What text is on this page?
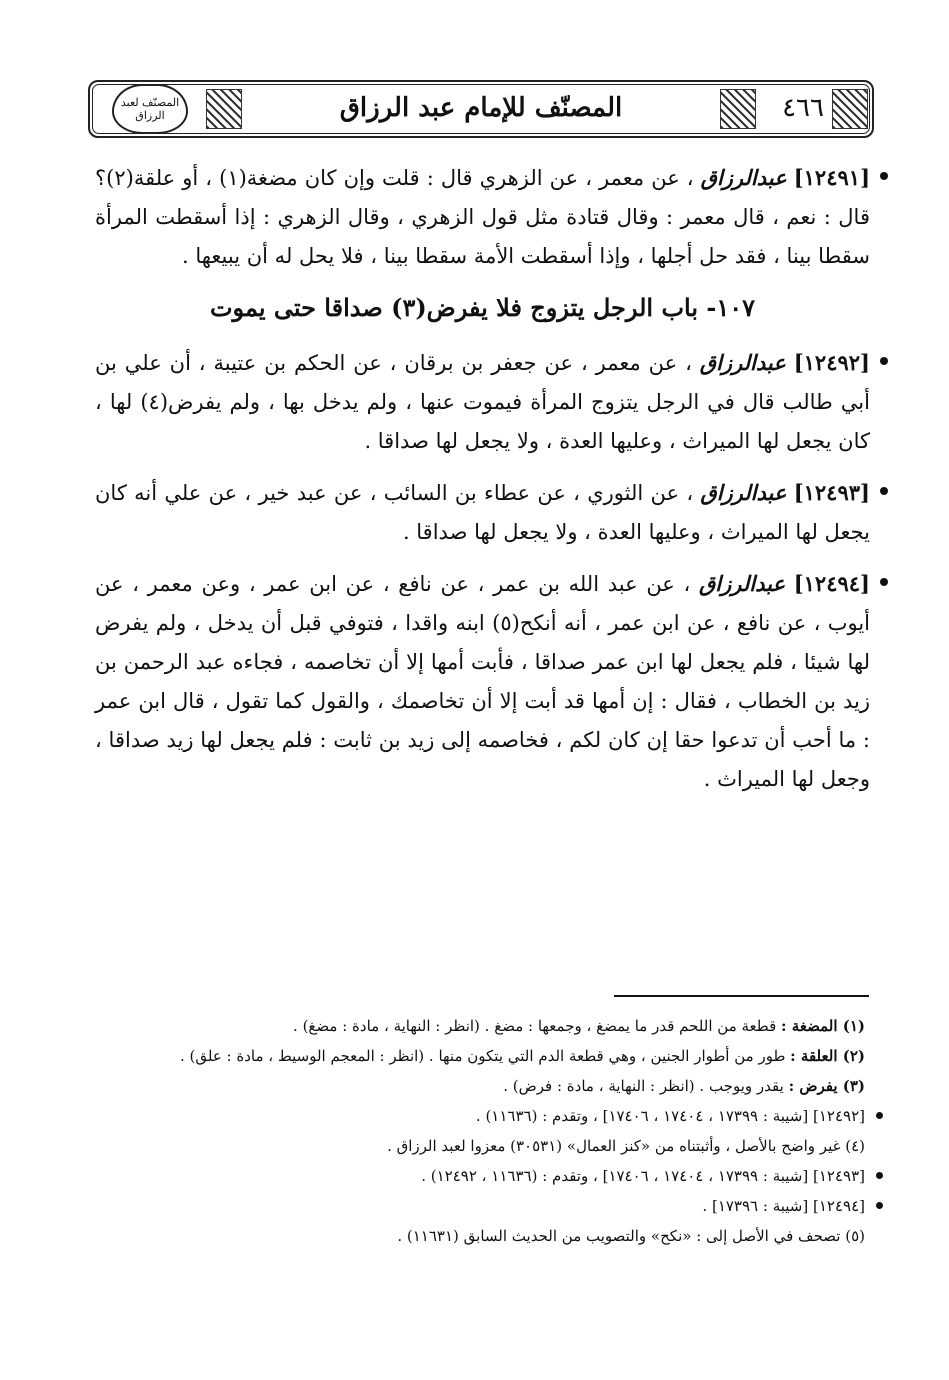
٤٦٦
المصنّف للإمام عبد الرزاق
المصنّف لعبد الرزاق
[١٢٤٩١] عبدالرزاق ، عن معمر ، عن الزهري قال : قلت وإن كان مضغة(١) ، أو علقة(٢)؟ قال : نعم ، قال معمر : وقال قتادة مثل قول الزهري ، وقال الزهري : إذا أسقطت المرأة سقطا بينا ، فقد حل أجلها ، وإذا أسقطت الأمة سقطا بينا ، فلا يحل له أن يبيعها .
١٠٧- باب الرجل يتزوج فلا يفرض(٣) صداقا حتى يموت
[١٢٤٩٢] عبدالرزاق ، عن معمر ، عن جعفر بن برقان ، عن الحكم بن عتيبة ، أن علي بن أبي طالب قال في الرجل يتزوج المرأة فيموت عنها ، ولم يدخل بها ، ولم يفرض(٤) لها ، كان يجعل لها الميراث ، وعليها العدة ، ولا يجعل لها صداقا .
[١٢٤٩٣] عبدالرزاق ، عن الثوري ، عن عطاء بن السائب ، عن عبد خير ، عن علي أنه كان يجعل لها الميراث ، وعليها العدة ، ولا يجعل لها صداقا .
[١٢٤٩٤] عبدالرزاق ، عن عبد الله بن عمر ، عن نافع ، عن ابن عمر ، وعن معمر ، عن أيوب ، عن نافع ، عن ابن عمر ، أنه أنكح(٥) ابنه واقدا ، فتوفي قبل أن يدخل ، ولم يفرض لها شيئا ، فلم يجعل لها ابن عمر صداقا ، فأبت أمها إلا أن تخاصمه ، فجاءه عبد الرحمن بن زيد بن الخطاب ، فقال : إن أمها قد أبت إلا أن تخاصمك ، والقول كما تقول ، قال ابن عمر : ما أحب أن تدعوا حقا إن كان لكم ، فخاصمه إلى زيد بن ثابت : فلم يجعل لها زيد صداقا ، وجعل لها الميراث .
(١) المضغة : قطعة من اللحم قدر ما يمضغ ، وجمعها : مضغ . (انظر : النهاية ، مادة : مضغ) .
(٢) العلقة : طور من أطوار الجنين ، وهي قطعة الدم التي يتكون منها . (انظر : المعجم الوسيط ، مادة : علق) .
(٣) يفرض : يقدر ويوجب . (انظر : النهاية ، مادة : فرض) .
[١٢٤٩٢] [شيبة : ١٧٣٩٩ ، ١٧٤٠٤ ، ١٧٤٠٦] ، وتقدم : (١١٦٣٦) .
(٤) غير واضح بالأصل ، وأثبتناه من «كنز العمال» (٣٠٥٣١) معزوا لعبد الرزاق .
[١٢٤٩٣] [شيبة : ١٧٣٩٩ ، ١٧٤٠٤ ، ١٧٤٠٦] ، وتقدم : (١١٦٣٦ ، ١٢٤٩٢) .
[١٢٤٩٤] [شيبة : ١٧٣٩٦] .
(٥) تصحف في الأصل إلى : «نكح» والتصويب من الحديث السابق (١١٦٣١) .
